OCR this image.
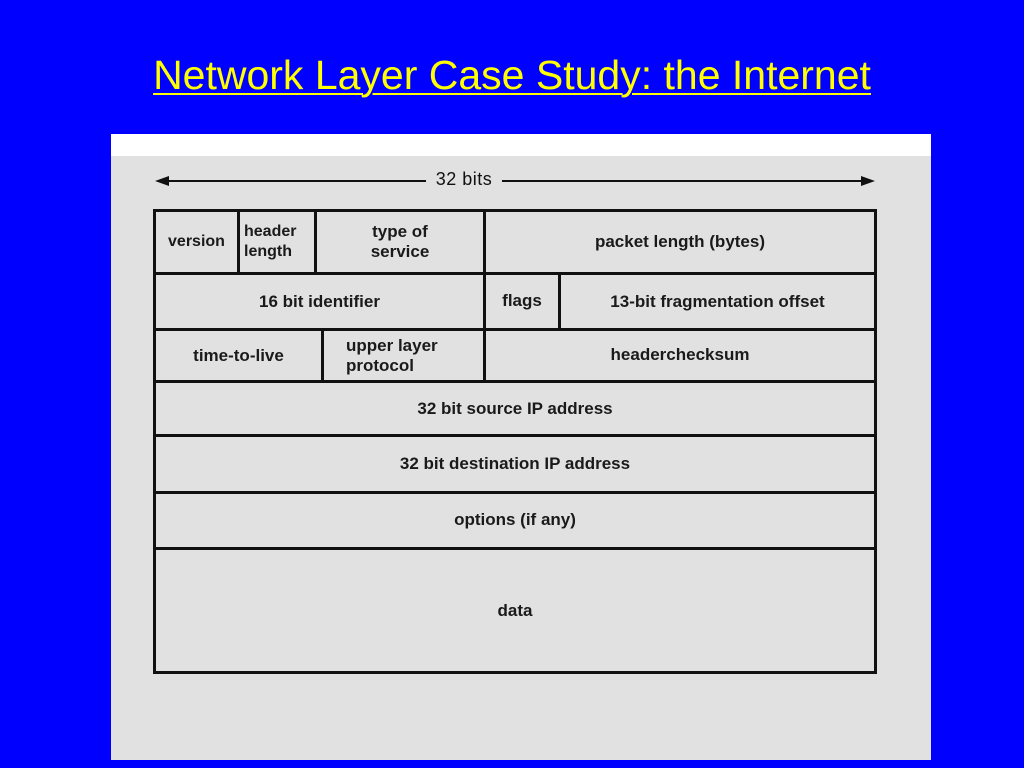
Network Layer Case Study: the Internet
32 bits
version
header length
type of service
packet length (bytes)
16 bit identifier	flags	13-bit fragmentation offset
time-to-live
upper layer protocol
headerchecksum
32 bit source IP address
32 bit destination IP address
options (if any)
data
